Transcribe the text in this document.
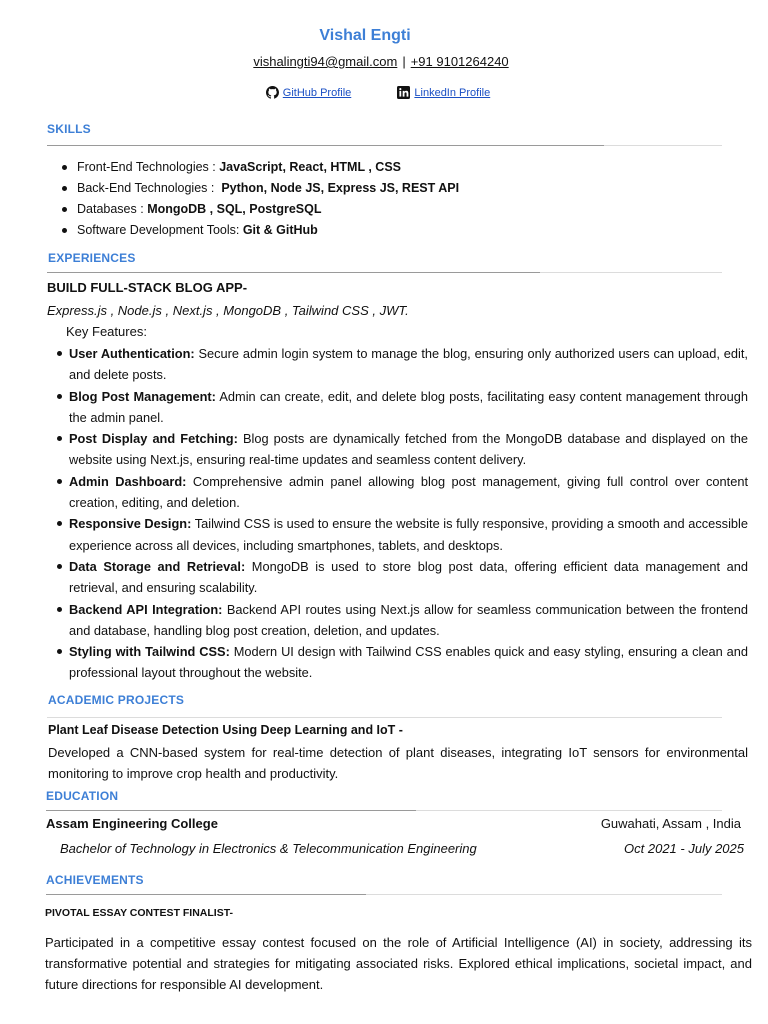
Vishal Engti
vishalingti94@gmail.com | +91 9101264240
GitHub Profile
	LinkedIn Profile
SKILLS
Front-End Technologies : JavaScript, React, HTML , CSS
Back-End Technologies :  Python, Node JS, Express JS, REST API
Databases : MongoDB , SQL, PostgreSQL
Software Development Tools: Git & GitHub
EXPERIENCES
BUILD FULL-STACK BLOG APP-
Express.js , Node.js , Next.js , MongoDB , Tailwind CSS , JWT.
Key Features:
User Authentication: Secure admin login system to manage the blog, ensuring only authorized users can upload, edit, and delete posts.
Blog Post Management: Admin can create, edit, and delete blog posts, facilitating easy content management through the admin panel.
Post Display and Fetching: Blog posts are dynamically fetched from the MongoDB database and displayed on the website using Next.js, ensuring real-time updates and seamless content delivery.
Admin Dashboard: Comprehensive admin panel allowing blog post management, giving full control over content creation, editing, and deletion.
Responsive Design: Tailwind CSS is used to ensure the website is fully responsive, providing a smooth and accessible experience across all devices, including smartphones, tablets, and desktops.
Data Storage and Retrieval: MongoDB is used to store blog post data, offering efficient data management and retrieval, and ensuring scalability.
Backend API Integration: Backend API routes using Next.js allow for seamless communication between the frontend and database, handling blog post creation, deletion, and updates.
Styling with Tailwind CSS: Modern UI design with Tailwind CSS enables quick and easy styling, ensuring a clean and professional layout throughout the website.
ACADEMIC PROJECTS
Plant Leaf Disease Detection Using Deep Learning and IoT -
Developed a CNN-based system for real-time detection of plant diseases, integrating IoT sensors for environmental monitoring to improve crop health and productivity.
EDUCATION
Assam Engineering College	Guwahati, Assam , India
Bachelor of Technology in Electronics & Telecommunication Engineering	Oct 2021 - July 2025
ACHIEVEMENTS
PIVOTAL ESSAY CONTEST FINALIST-
Participated in a competitive essay contest focused on the role of Artificial Intelligence (AI) in society, addressing its transformative potential and strategies for mitigating associated risks. Explored ethical implications, societal impact, and future directions for responsible AI development.
